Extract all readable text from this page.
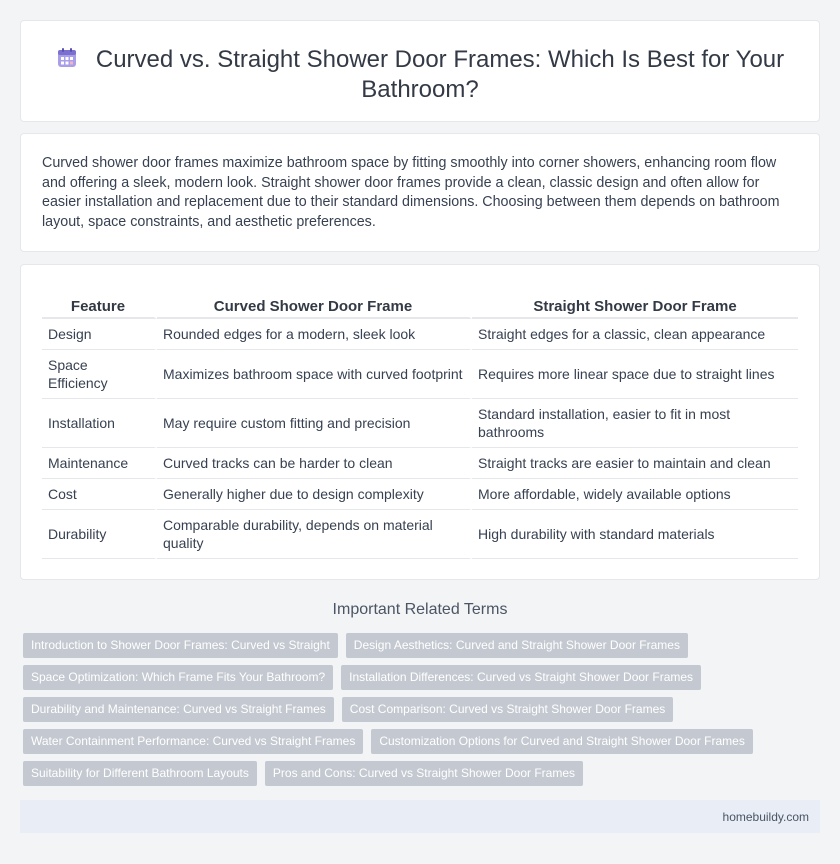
Curved vs. Straight Shower Door Frames: Which Is Best for Your Bathroom?

Curved shower door frames maximize bathroom space by fitting smoothly into corner showers, enhancing room flow and offering a sleek, modern look. Straight shower door frames provide a clean, classic design and often allow for easier installation and replacement due to their standard dimensions. Choosing between them depends on bathroom layout, space constraints, and aesthetic preferences.

Feature	Curved Shower Door Frame	Straight Shower Door Frame
Design	Rounded edges for a modern, sleek look	Straight edges for a classic, clean appearance
Space Efficiency	Maximizes bathroom space with curved footprint	Requires more linear space due to straight lines
Installation	May require custom fitting and precision	Standard installation, easier to fit in most bathrooms
Maintenance	Curved tracks can be harder to clean	Straight tracks are easier to maintain and clean
Cost	Generally higher due to design complexity	More affordable, widely available options
Durability	Comparable durability, depends on material quality	High durability with standard materials
Important Related Terms
Introduction to Shower Door Frames: Curved vs Straight Design Aesthetics: Curved and Straight Shower Door Frames
Space Optimization: Which Frame Fits Your Bathroom? Installation Differences: Curved vs Straight Shower Door Frames
Durability and Maintenance: Curved vs Straight Frames Cost Comparison: Curved vs Straight Shower Door Frames
Water Containment Performance: Curved vs Straight Frames Customization Options for Curved and Straight Shower Door Frames
Suitability for Different Bathroom Layouts Pros and Cons: Curved vs Straight Shower Door Frames
homebuildy.com
